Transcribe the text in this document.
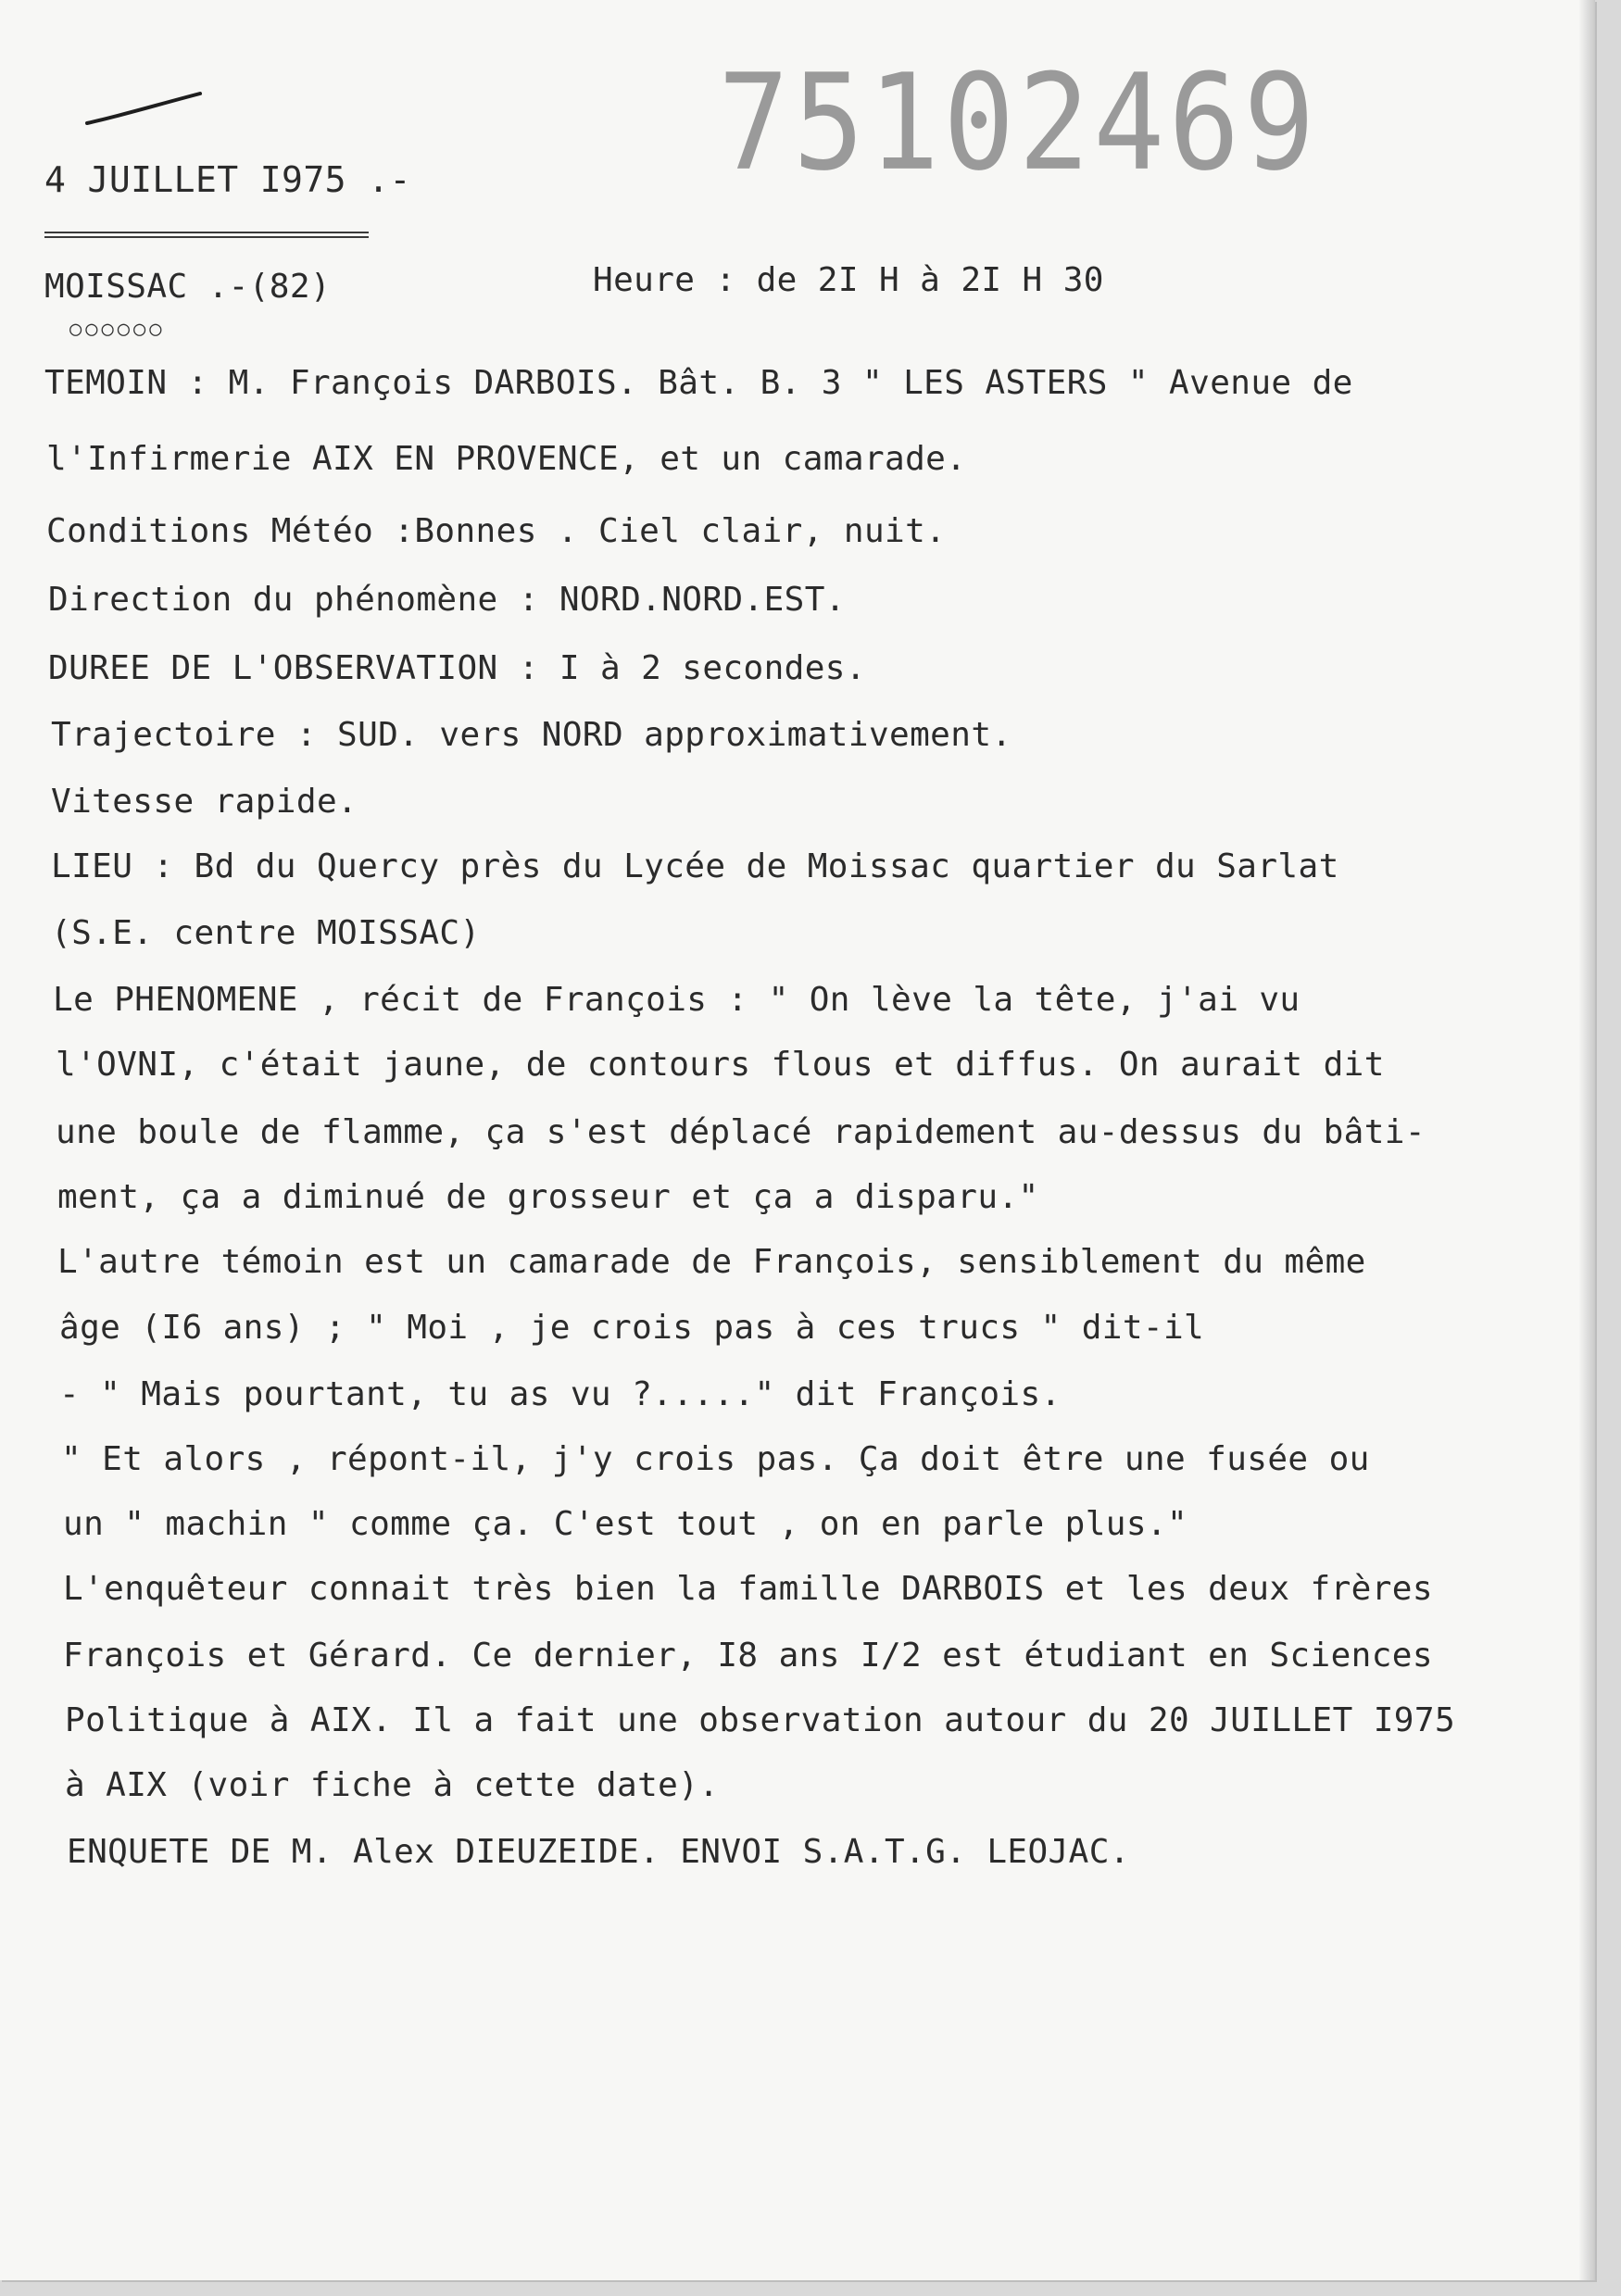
75102469
4 JUILLET I975 .-
MOISSAC .-(82)
○○○○○○
Heure : de 2I H à 2I H 30
TEMOIN : M. François DARBOIS. Bât. B. 3 " LES ASTERS " Avenue de
l'Infirmerie AIX EN PROVENCE, et un camarade.
Conditions Météo :Bonnes . Ciel clair, nuit.
Direction du phénomène : NORD.NORD.EST.
DUREE DE L'OBSERVATION : I à 2 secondes.
Trajectoire : SUD. vers NORD approximativement.
Vitesse rapide.
LIEU : Bd du Quercy près du Lycée de Moissac quartier du Sarlat
(S.E. centre MOISSAC)
Le PHENOMENE , récit de François : " On lève la tête, j'ai vu
l'OVNI, c'était jaune, de contours flous et diffus. On aurait dit
une boule de flamme, ça s'est déplacé rapidement au-dessus du bâti-
ment, ça a diminué de grosseur et ça a disparu."
L'autre témoin est un camarade de François, sensiblement du même
âge (I6 ans) ; " Moi , je crois pas à ces trucs " dit-il
- " Mais pourtant, tu as vu ?....." dit François.
" Et alors , répont-il, j'y crois pas. Ça doit être une fusée ou
un " machin " comme ça. C'est tout , on en parle plus."
L'enquêteur connait très bien la famille DARBOIS et les deux frères
François et Gérard. Ce dernier, I8 ans I/2 est étudiant en Sciences
Politique à AIX. Il a fait une observation autour du 20 JUILLET I975
à AIX (voir fiche à cette date).
ENQUETE DE M. Alex DIEUZEIDE. ENVOI S.A.T.G. LEOJAC.
